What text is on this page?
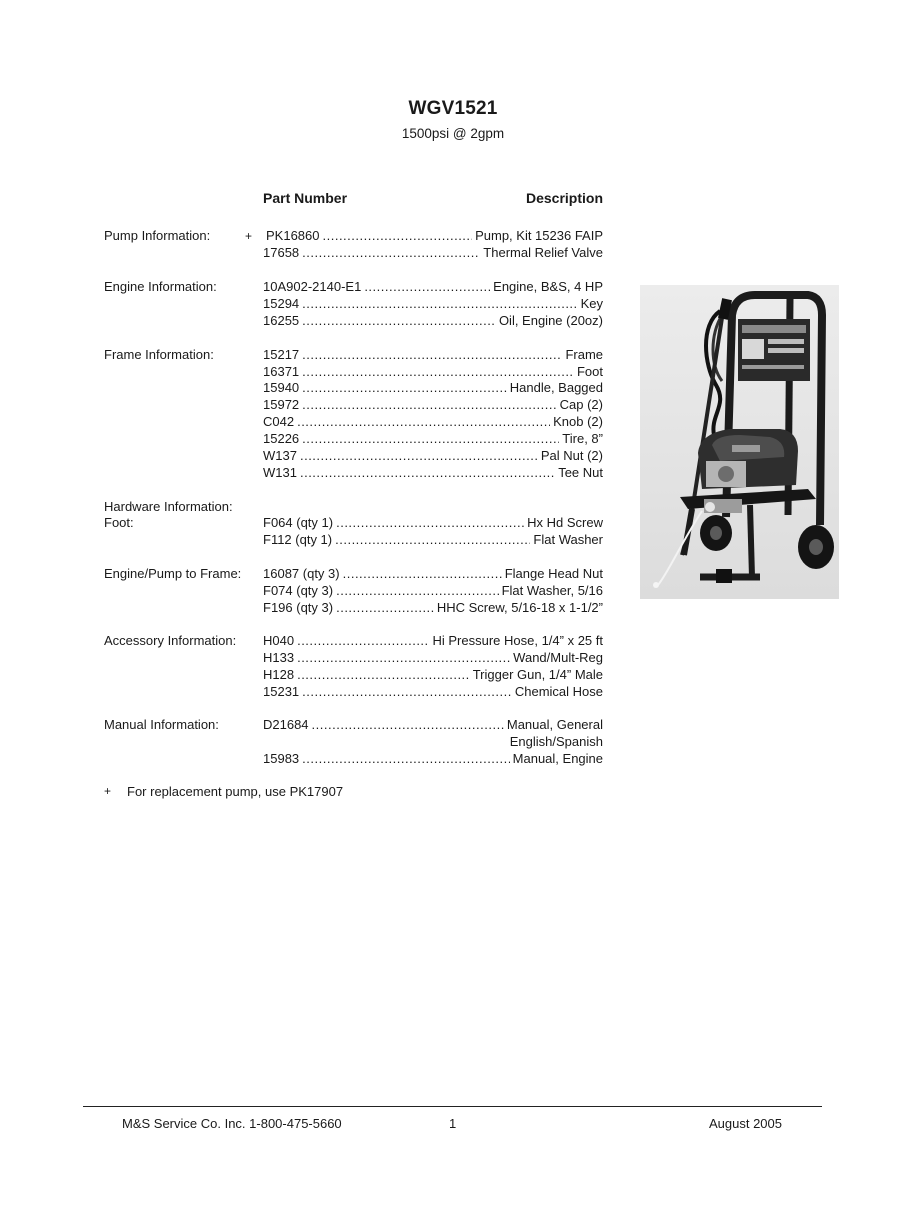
WGV1521
1500psi @ 2gpm
Part Number	Description
Pump Information:	+ PK16860 .....	Pump, Kit 15236 FAIP
17658 .....	Thermal Relief Valve
Engine Information:	10A902-2140-E1 .....	Engine, B&S, 4 HP
15294 .....	Key
16255 .....	Oil, Engine (20oz)
Frame Information:	15217 .....	Frame
16371 .....	Foot
15940 .....	Handle, Bagged
15972 .....	Cap (2)
C042 .....	Knob (2)
15226 .....	Tire, 8”
W137 .....	Pal Nut (2)
W131 .....	Tee Nut
Hardware Information:
Foot:	F064 (qty 1) .....	Hx Hd Screw
F112 (qty 1) .....	Flat Washer
Engine/Pump to Frame: 16087 (qty 3) .....	Flange Head Nut
F074 (qty 3) .....	Flat Washer, 5/16
F196 (qty 3) .....	HHC Screw, 5/16-18 x 1-1/2”
Accessory Information: H040 .....	Hi Pressure Hose, 1/4” x 25 ft
H133 .....	Wand/Mult-Reg
H128 .....	Trigger Gun, 1/4” Male
15231 .....	Chemical Hose
Manual Information:	D21684 .....	Manual, General
English/Spanish
15983 .....	Manual, Engine
+ For replacement pump, use PK17907
M&S Service Co. Inc. 1-800-475-5660	1	August 2005
